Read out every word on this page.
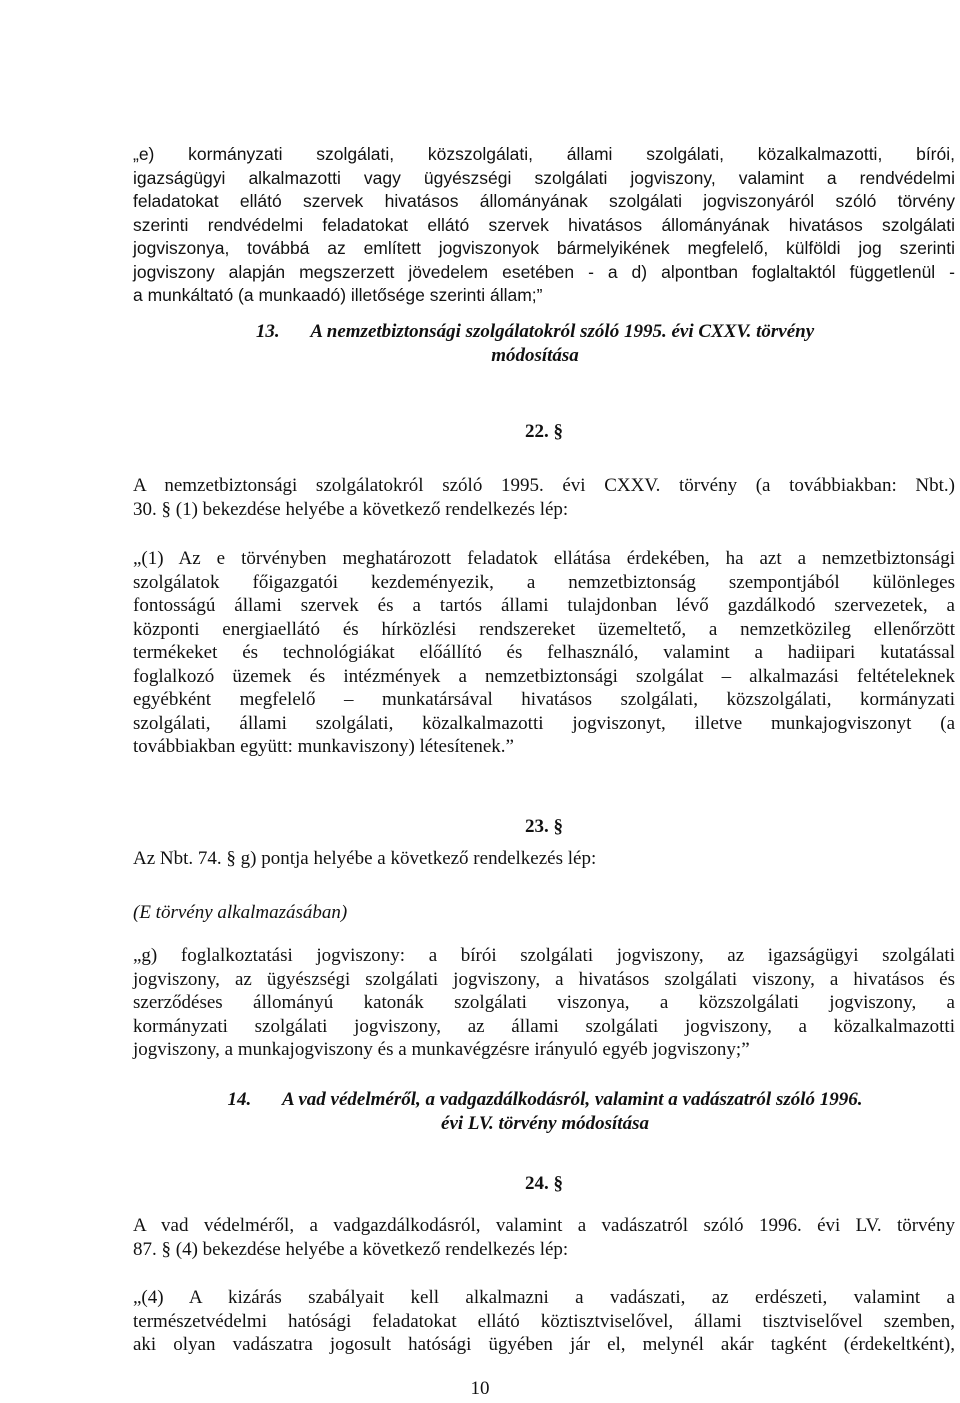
„e) kormányzati szolgálati, közszolgálati, állami szolgálati, közalkalmazotti, bírói,
igazságügyi alkalmazotti vagy ügyészségi szolgálati jogviszony, valamint a rendvédelmi
feladatokat ellátó szervek hivatásos állományának szolgálati jogviszonyáról szóló törvény
szerinti rendvédelmi feladatokat ellátó szervek hivatásos állományának hivatásos szolgálati
jogviszonya, továbbá az említett jogviszonyok bármelyikének megfelelő, külföldi jog szerinti
jogviszony alapján megszerzett jövedelem esetében - a d) alpontban foglaltaktól függetlenül -
a munkáltató (a munkaadó) illetősége szerinti állam;”
13. A nemzetbiztonsági szolgálatokról szóló 1995. évi CXXV. törvény
módosítása
22. §
A nemzetbiztonsági szolgálatokról szóló 1995. évi CXXV. törvény (a továbbiakban: Nbt.)
30. § (1) bekezdése helyébe a következő rendelkezés lép:
„(1) Az e törvényben meghatározott feladatok ellátása érdekében, ha azt a nemzetbiztonsági
szolgálatok főigazgatói kezdeményezik, a nemzetbiztonság szempontjából különleges
fontosságú állami szervek és a tartós állami tulajdonban lévő gazdálkodó szervezetek, a
központi energiaellátó és hírközlési rendszereket üzemeltető, a nemzetközileg ellenőrzött
termékeket és technológiákat előállító és felhasználó, valamint a hadiipari kutatással
foglalkozó üzemek és intézmények a nemzetbiztonsági szolgálat – alkalmazási feltételeknek
egyébként megfelelő – munkatársával hivatásos szolgálati, közszolgálati, kormányzati
szolgálati, állami szolgálati, közalkalmazotti jogviszonyt, illetve munkajogviszonyt (a
továbbiakban együtt: munkaviszony) létesítenek.”
23. §
Az Nbt. 74. § g) pontja helyébe a következő rendelkezés lép:
(E törvény alkalmazásában)
„g) foglalkoztatási jogviszony: a bírói szolgálati jogviszony, az igazságügyi szolgálati
jogviszony, az ügyészségi szolgálati jogviszony, a hivatásos szolgálati viszony, a hivatásos és
szerződéses állományú katonák szolgálati viszonya, a közszolgálati jogviszony, a
kormányzati szolgálati jogviszony, az állami szolgálati jogviszony, a közalkalmazotti
jogviszony, a munkajogviszony és a munkavégzésre irányuló egyéb jogviszony;”
14. A vad védelméről, a vadgazdálkodásról, valamint a vadászatról szóló 1996.
évi LV. törvény módosítása
24. §
A vad védelméről, a vadgazdálkodásról, valamint a vadászatról szóló 1996. évi LV. törvény
87. § (4) bekezdése helyébe a következő rendelkezés lép:
„(4) A kizárás szabályait kell alkalmazni a vadászati, az erdészeti, valamint a
természetvédelmi hatósági feladatokat ellátó köztisztviselővel, állami tisztviselővel szemben,
aki olyan vadászatra jogosult hatósági ügyében jár el, melynél akár tagként (érdekeltként),
10
